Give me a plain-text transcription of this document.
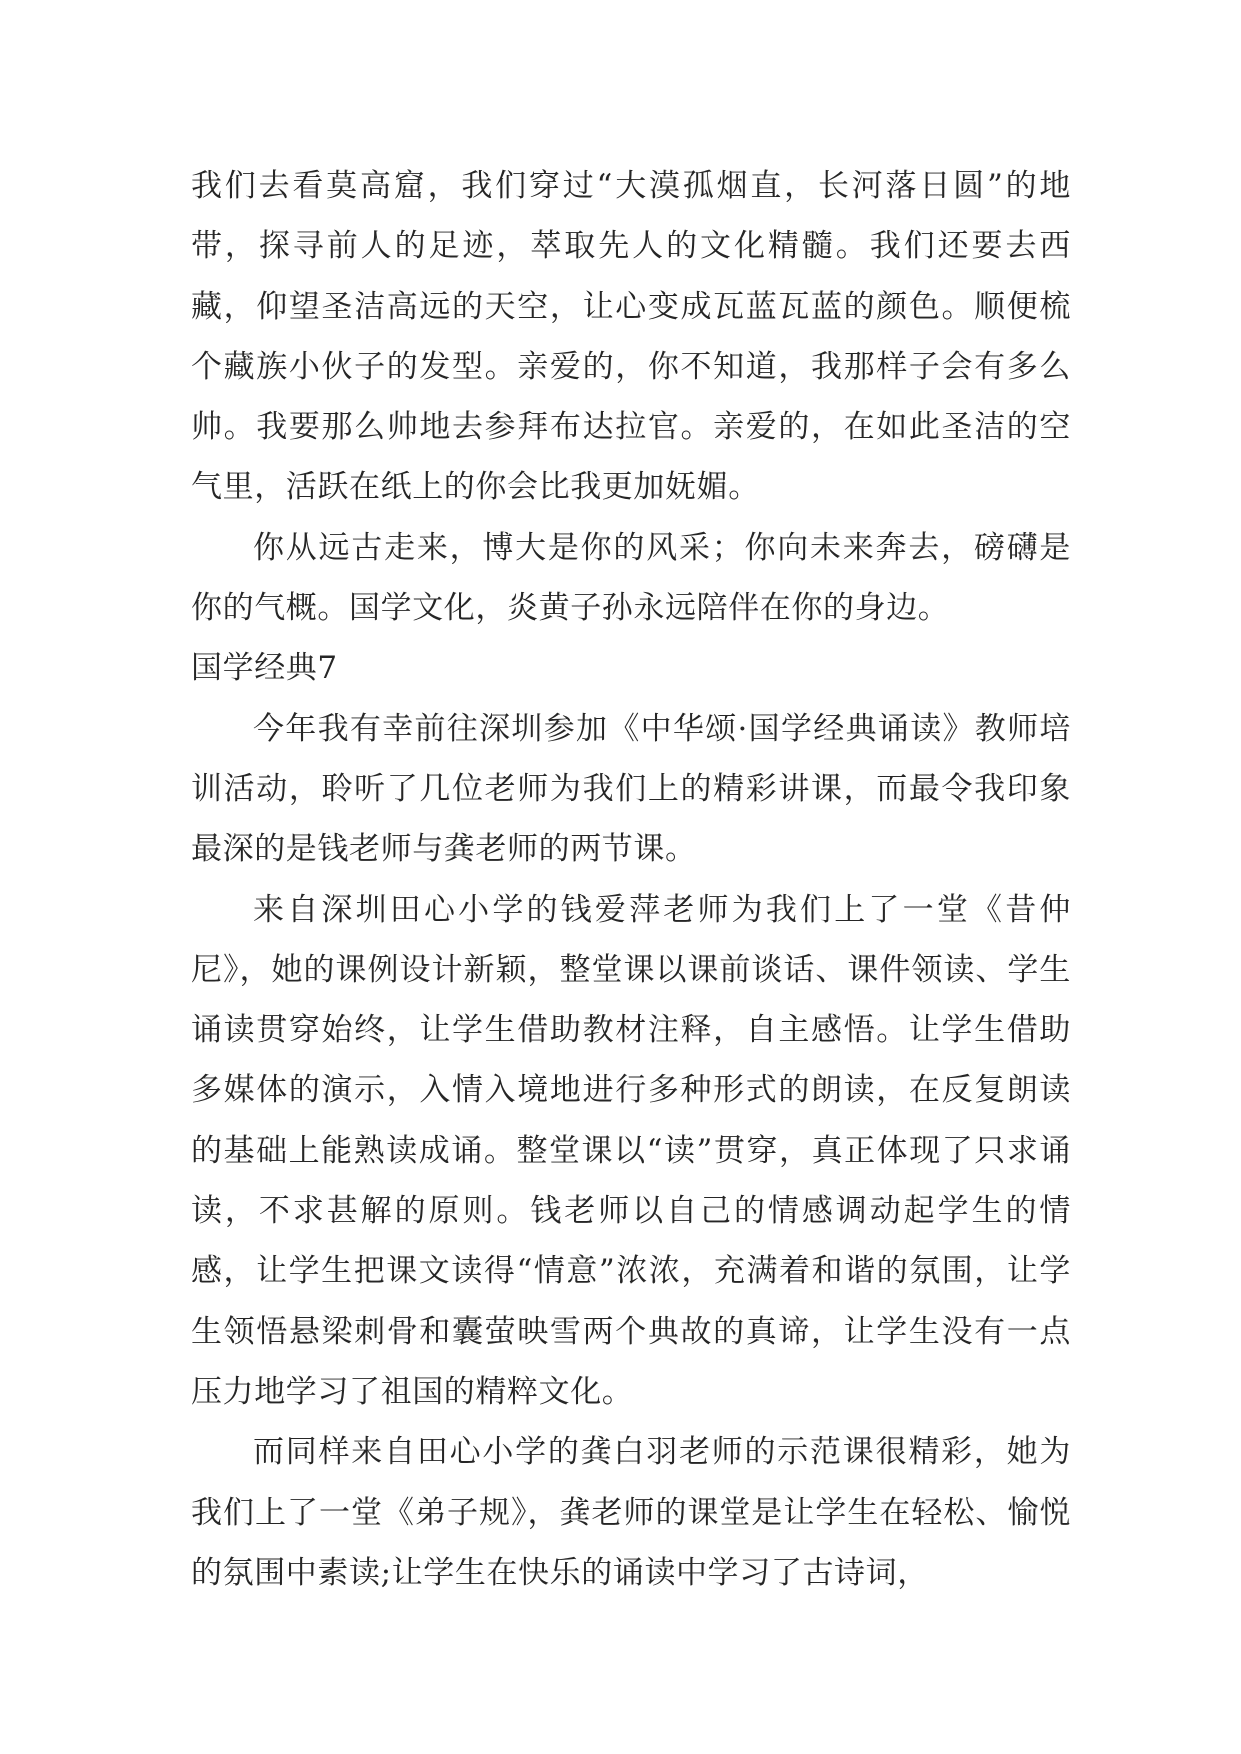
我们去看莫高窟，我们穿过“大漠孤烟直，长河落日圆”的地带，探寻前人的足迹，萃取先人的文化精髓。我们还要去西藏，仰望圣洁高远的天空，让心变成瓦蓝瓦蓝的颜色。顺便梳个藏族小伙子的发型。亲爱的，你不知道，我那样子会有多么帅。我要那么帅地去参拜布达拉官。亲爱的，在如此圣洁的空气里，活跃在纸上的你会比我更加妩媚。

你从远古走来，博大是你的风采；你向未来奔去，磅礴是你的气概。国学文化，炎黄子孙永远陪伴在你的身边。

国学经典7

今年我有幸前往深圳参加《中华颂·国学经典诵读》教师培训活动，聆听了几位老师为我们上的精彩讲课，而最令我印象最深的是钱老师与龚老师的两节课。

来自深圳田心小学的钱爱萍老师为我们上了一堂《昔仲尼》，她的课例设计新颖，整堂课以课前谈话、课件领读、学生诵读贯穿始终，让学生借助教材注释，自主感悟。让学生借助多媒体的演示，入情入境地进行多种形式的朗读，在反复朗读的基础上能熟读成诵。整堂课以“读”贯穿，真正体现了只求诵读，不求甚解的原则。钱老师以自己的情感调动起学生的情感，让学生把课文读得“情意”浓浓，充满着和谐的氛围，让学生领悟悬梁刺骨和囊萤映雪两个典故的真谛，让学生没有一点压力地学习了祖国的精粹文化。

而同样来自田心小学的龚白羽老师的示范课很精彩，她为我们上了一堂《弟子规》，龚老师的课堂是让学生在轻松、愉悦的氛围中素读;让学生在快乐的诵读中学习了古诗词，
